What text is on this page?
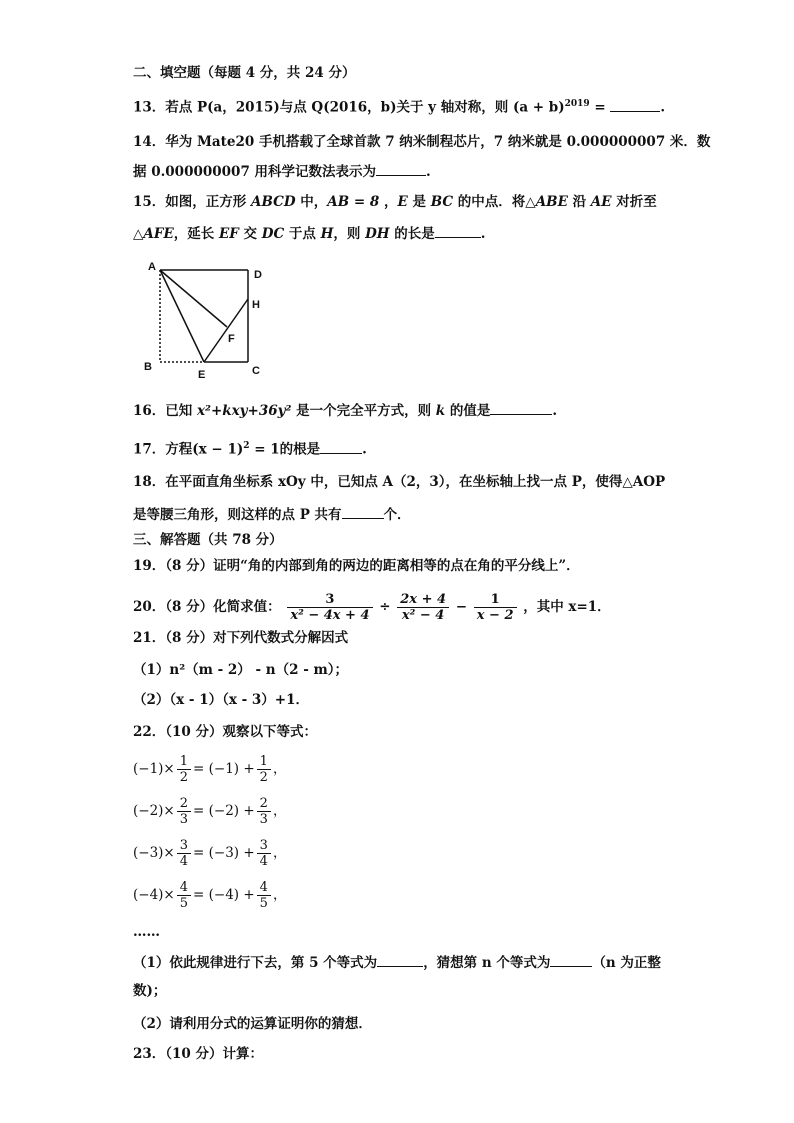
二、填空题（每题 4 分，共 24 分）
13．若点 P(a，2015)与点 Q(2016，b)关于 y 轴对称，则 $(a + b)^{2019}$ =	.
14．华为 Mate20 手机搭载了全球首款 7 纳米制程芯片，7 纳米就是 0.000000007 米．数
据 0.000000007 用科学记数法表示为	.
15．如图，正方形 ABCD 中，AB = 8 ，E 是 BC 的中点．将△ABE 沿 AE 对折至
△AFE，延长 EF 交 DC 于点 H，则 DH 的长是	.
A
D
H
F
B
E	C
16．已知 x²+kxy+36y² 是一个完全平方式，则 k 的值是	.
17．方程$(x - 1)^2 = 1$的根是	.
18．在平面直角坐标系 xOy 中，已知点 A（2，3），在坐标轴上找一点 P，使得△AOP
是等腰三角形，则这样的点 P 共有	个．
三、解答题（共 78 分）
19．（8 分）证明“角的内部到角的两边的距离相等的点在角的平分线上”．
20．（8 分）化简求值： $\frac{3}{\text{x² − 4x + 4}} \div \frac{2x + 4}{\text{x² − 4}} - \frac{1}{x - 2}$ ，其中 x=1．
21．（8 分）对下列代数式分解因式
（1）n²（m - 2） - n（2 - m）；
（2）（x - 1）（x - 3）+1．
22．（10 分）观察以下等式：
$(-1)\times \frac{1}{2} = (-1) + \frac{1}{2}$ ，
$(-2)\times \frac{2}{3} = (-2) + \frac{2}{3}$ ，
$(-3)\times \frac{3}{4} = (-3) + \frac{3}{4}$ ，
$(-4)\times \frac{4}{5} = (-4) + \frac{4}{5}$ ，
……
（1）依此规律进行下去，第 5 个等式为	，猜想第 n 个等式为	（n 为正整
数)；
（2）请利用分式的运算证明你的猜想．
23．（10 分）计算：
